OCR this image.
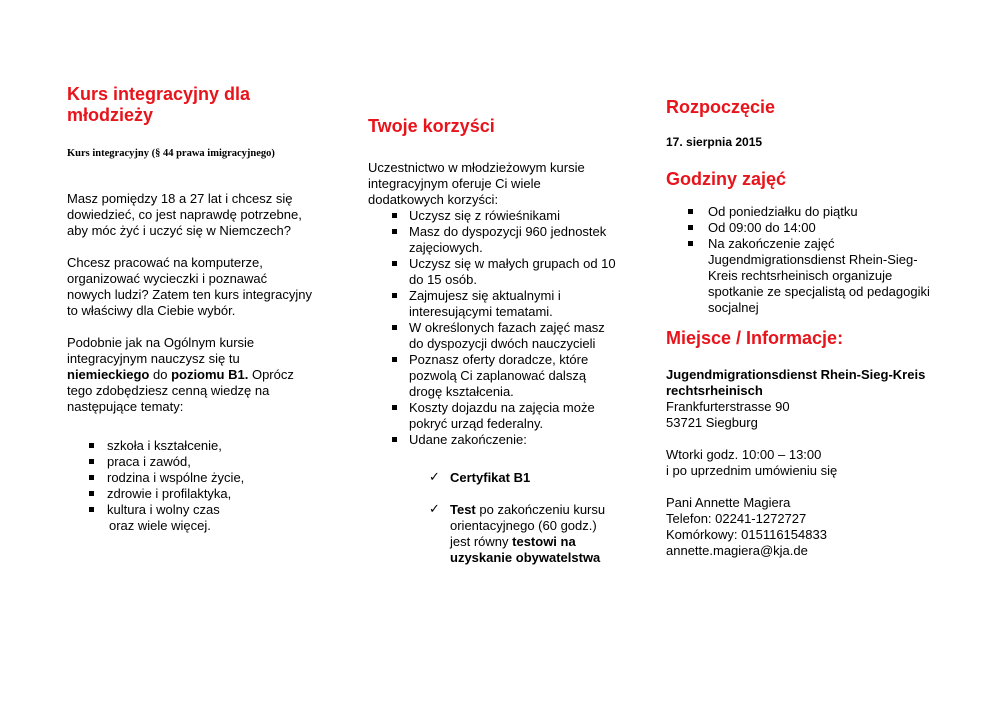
Kurs integracyjny dla młodzieży
Kurs integracyjny (§ 44 prawa imigracyjnego)

Masz pomiędzy 18 a 27 lat i chcesz się dowiedzieć, co jest naprawdę potrzebne, aby móc żyć i uczyć się w Niemczech?

Chcesz pracować na komputerze, organizować wycieczki i poznawać nowych ludzi? Zatem ten kurs integracyjny to właściwy dla Ciebie wybór.

Podobnie jak na Ogólnym kursie integracyjnym nauczysz się tu niemieckiego do poziomu B1. Oprócz tego zdobędziesz cenną wiedzę na następujące tematy:

szkoła i kształcenie,
praca i zawód,
rodzina i wspólne życie,
zdrowie i profilaktyka,
kultura i wolny czas
oraz wiele więcej.
Twoje korzyści

Uczestnictwo w młodzieżowym kursie integracyjnym oferuje Ci wiele dodatkowych korzyści:

Uczysz się z rówieśnikami
Masz do dyspozycji 960 jednostek zajęciowych.
Uczysz się w małych grupach od 10 do 15 osób.
Zajmujesz się aktualnymi i interesującymi tematami.
W określonych fazach zajęć masz do dyspozycji dwóch nauczycieli
Poznasz oferty doradcze, które pozwolą Ci zaplanować dalszą drogę kształcenia.
Koszty dojazdu na zajęcia może pokryć urząd federalny.
Udane zakończenie:
✓ Certyfikat B1
✓ Test po zakończeniu kursu orientacyjnego (60 godz.) jest równy testowi na uzyskanie obywatelstwa
Rozpoczęcie
17. sierpnia 2015
Godziny zajęć
Od poniedziałku do piątku
Od 09:00 do 14:00
Na zakończenie zajęć Jugendmigrationsdienst Rhein-Sieg-Kreis rechtsrheinisch organizuje spotkanie ze specjalistą od pedagogiki socjalnej
Miejsce / Informacje:

Jugendmigrationsdienst Rhein-Sieg-Kreis rechtsrheinisch

Frankfurterstrasse 90

53721 Siegburg

Wtorki godz. 10:00 – 13:00

i po uprzednim umówieniu się

Pani Annette Magiera

Telefon: 02241-1272727

Komórkowy: 015116154833

annette.magiera@kja.de
